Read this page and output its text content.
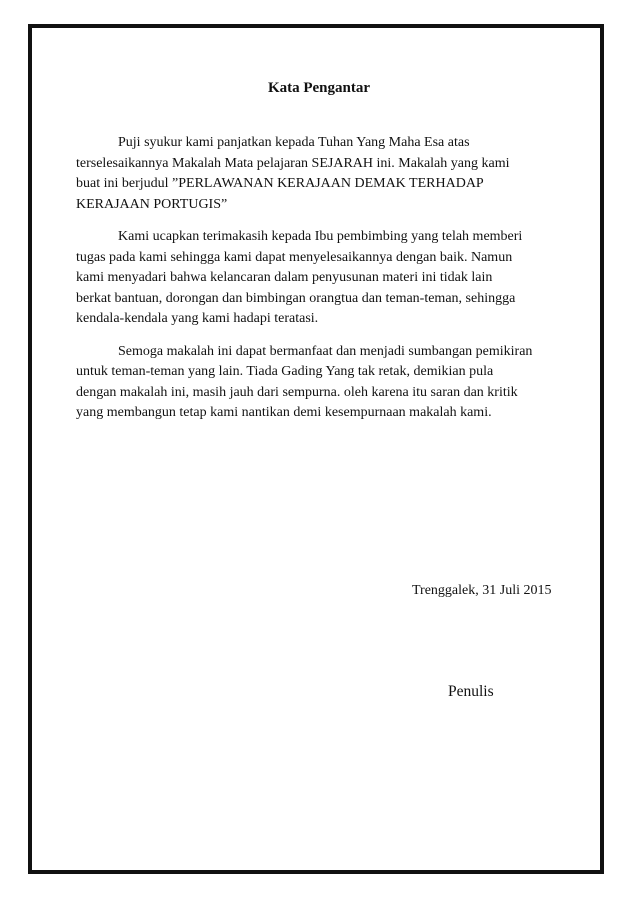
Kata Pengantar

Puji syukur kami panjatkan kepada Tuhan Yang Maha Esa atas
terselesaikannya Makalah Mata pelajaran SEJARAH ini. Makalah yang kami
buat ini berjudul ”PERLAWANAN KERAJAAN DEMAK TERHADAP
KERAJAAN PORTUGIS”

Kami ucapkan terimakasih kepada Ibu pembimbing yang telah memberi
tugas pada kami sehingga kami dapat menyelesaikannya dengan baik. Namun
kami menyadari bahwa kelancaran dalam penyusunan materi ini tidak lain
berkat bantuan, dorongan dan bimbingan orangtua dan teman-teman, sehingga
kendala-kendala yang kami hadapi teratasi.

Semoga makalah ini dapat bermanfaat dan menjadi sumbangan pemikiran
untuk teman-teman yang lain. Tiada Gading Yang tak retak, demikian pula
dengan makalah ini, masih jauh dari sempurna. oleh karena itu saran dan kritik
yang membangun tetap kami nantikan demi kesempurnaan makalah kami.

Trenggalek, 31 Juli 2015
Penulis
